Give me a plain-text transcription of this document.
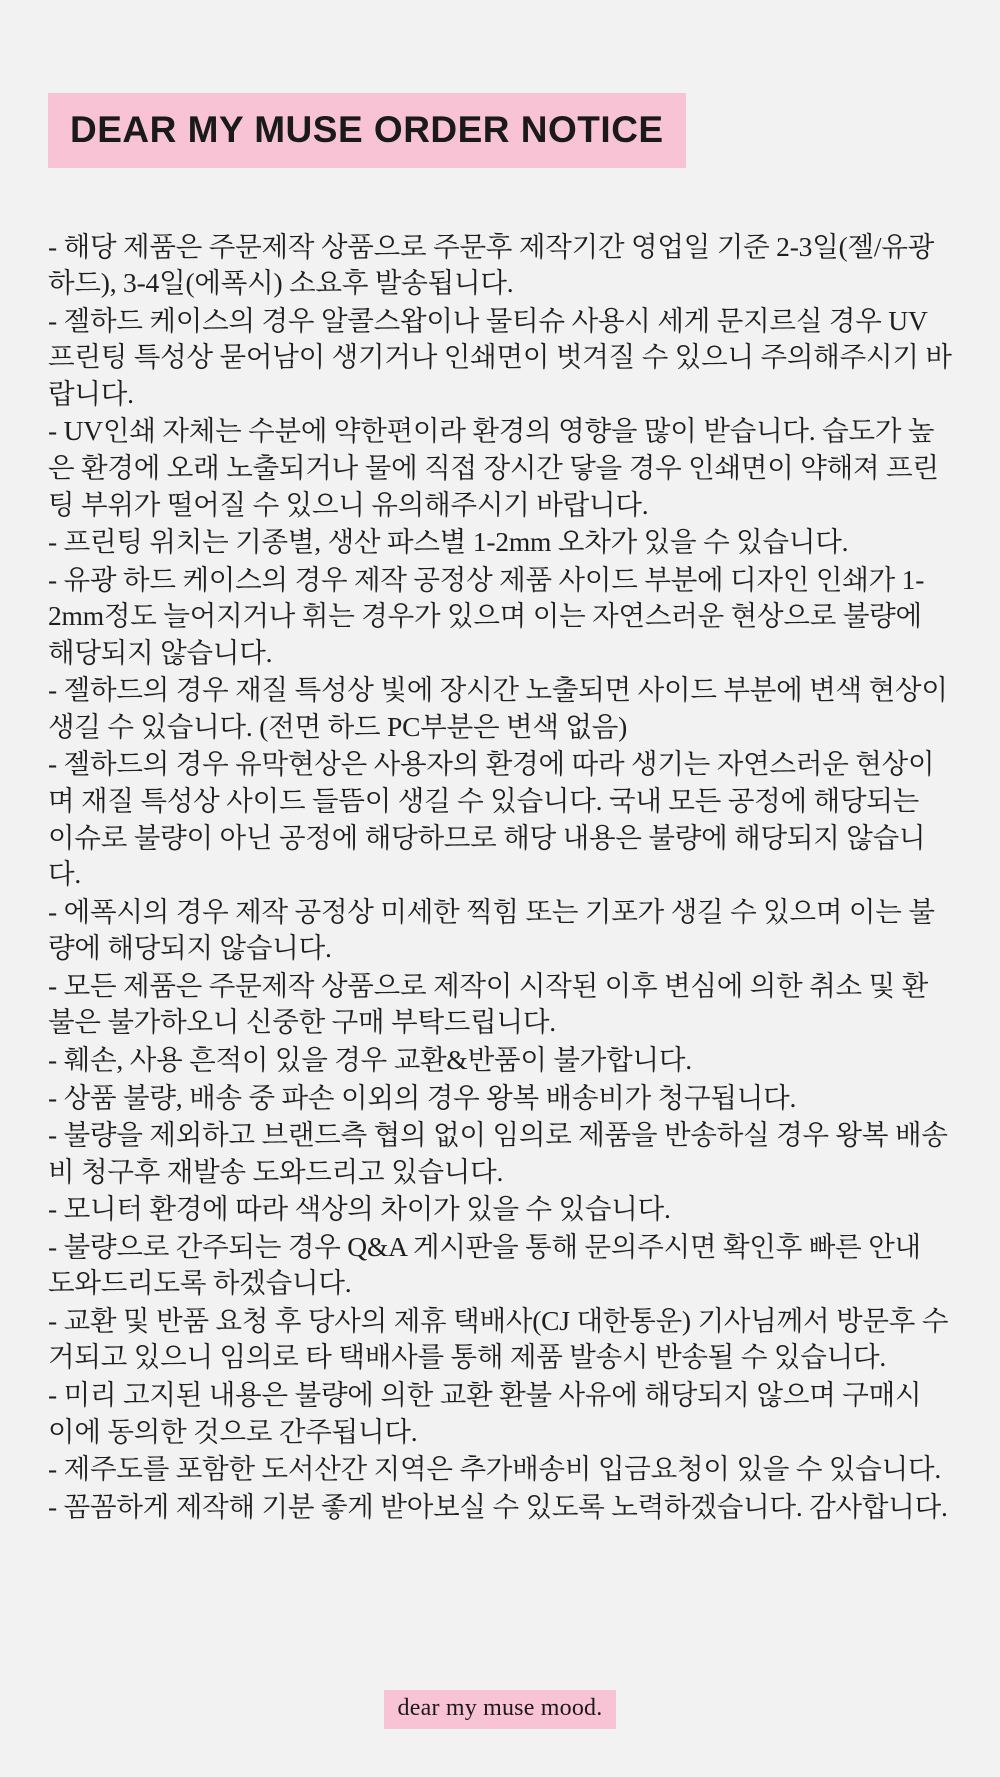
DEAR MY MUSE ORDER NOTICE

- 해당 제품은 주문제작 상품으로 주문후 제작기간 영업일 기준 2-3일(젤/유광하드), 3-4일(에폭시) 소요후 발송됩니다.

- 젤하드 케이스의 경우 알콜스왑이나 물티슈 사용시 세게 문지르실 경우 UV프린팅 특성상 묻어남이 생기거나 인쇄면이 벗겨질 수 있으니 주의해주시기 바랍니다.

- UV인쇄 자체는 수분에 약한편이라 환경의 영향을 많이 받습니다. 습도가 높은 환경에 오래 노출되거나 물에 직접 장시간 닿을 경우 인쇄면이 약해져 프린팅 부위가 떨어질 수 있으니 유의해주시기 바랍니다.

- 프린팅 위치는 기종별, 생산 파스별 1-2mm 오차가 있을 수 있습니다.

- 유광 하드 케이스의 경우 제작 공정상 제품 사이드 부분에 디자인 인쇄가 1-2mm정도 늘어지거나 휘는 경우가 있으며 이는 자연스러운 현상으로 불량에 해당되지 않습니다.

- 젤하드의 경우 재질 특성상 빛에 장시간 노출되면 사이드 부분에 변색 현상이 생길 수 있습니다. (전면 하드 PC부분은 변색 없음)

- 젤하드의 경우 유막현상은 사용자의 환경에 따라 생기는 자연스러운 현상이며 재질 특성상 사이드 들뜸이 생길 수 있습니다. 국내 모든 공정에 해당되는 이슈로 불량이 아닌 공정에 해당하므로 해당 내용은 불량에 해당되지 않습니다.

- 에폭시의 경우 제작 공정상 미세한 찍힘 또는 기포가 생길 수 있으며 이는 불량에 해당되지 않습니다.

- 모든 제품은 주문제작 상품으로 제작이 시작된 이후 변심에 의한 취소 및 환불은 불가하오니 신중한 구매 부탁드립니다.

- 훼손, 사용 흔적이 있을 경우 교환&반품이 불가합니다.

- 상품 불량, 배송 중 파손 이외의 경우 왕복 배송비가 청구됩니다.

- 불량을 제외하고 브랜드측 협의 없이 임의로 제품을 반송하실 경우 왕복 배송비 청구후 재발송 도와드리고 있습니다.

- 모니터 환경에 따라 색상의 차이가 있을 수 있습니다.

- 불량으로 간주되는 경우 Q&A 게시판을 통해 문의주시면 확인후 빠른 안내 도와드리도록 하겠습니다.

- 교환 및 반품 요청 후 당사의 제휴 택배사(CJ 대한통운) 기사님께서 방문후 수거되고 있으니 임의로 타 택배사를 통해 제품 발송시 반송될 수 있습니다.

- 미리 고지된 내용은 불량에 의한 교환 환불 사유에 해당되지 않으며 구매시 이에 동의한 것으로 간주됩니다.

- 제주도를 포함한 도서산간 지역은 추가배송비 입금요청이 있을 수 있습니다.

- 꼼꼼하게 제작해 기분 좋게 받아보실 수 있도록 노력하겠습니다. 감사합니다.

dear my muse mood.
